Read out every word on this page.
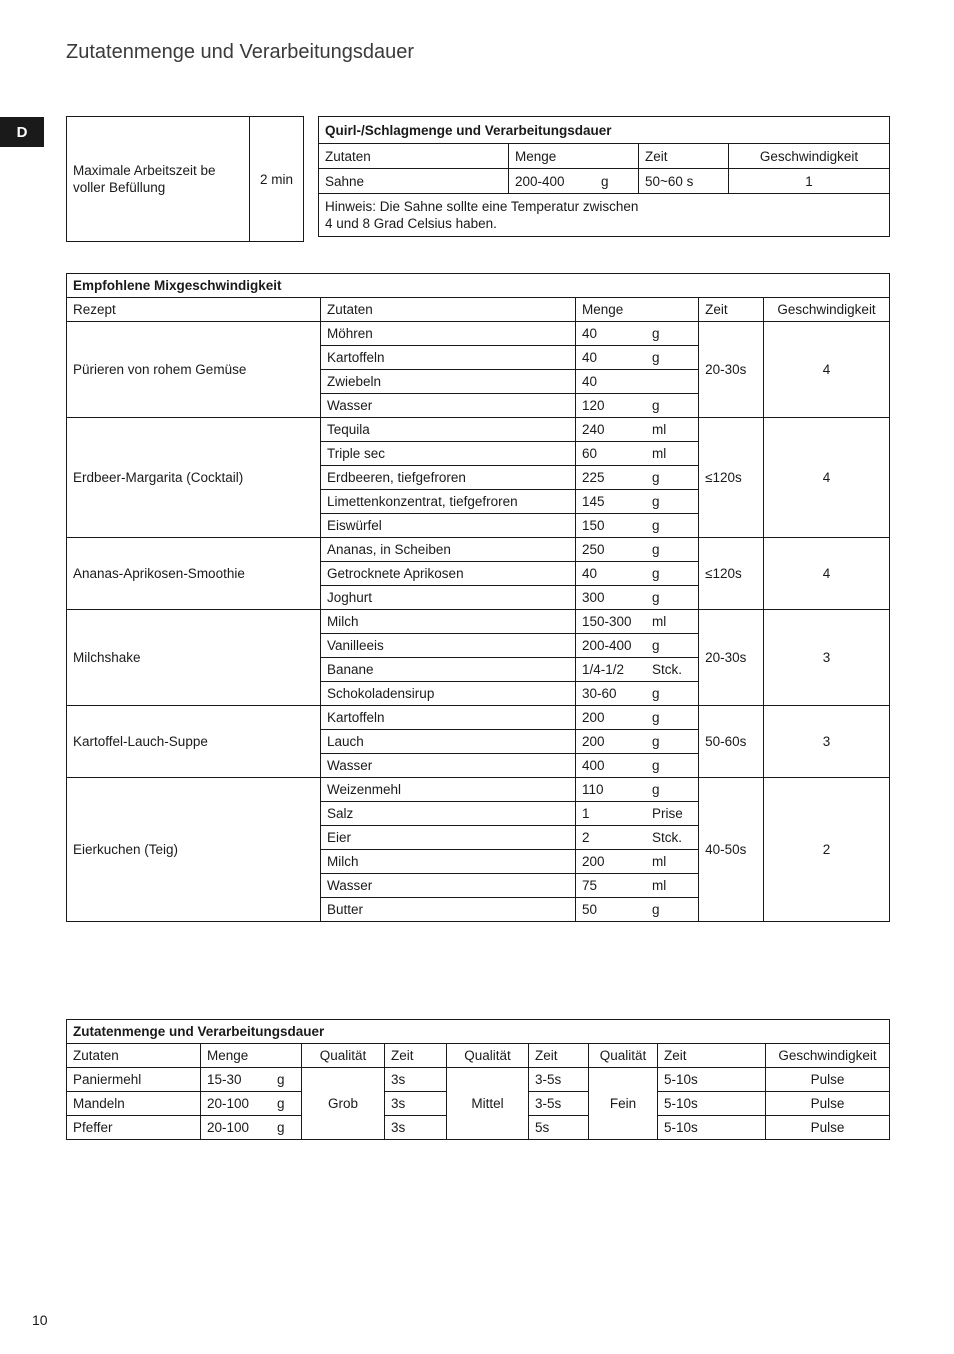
Zutatenmenge und Verarbeitungsdauer
D
Maximale Arbeitszeit be voller Befüllung	2 min
Quirl-/Schlagmenge und Verarbeitungsdauer			
Zutaten	Menge	Zeit	Geschwindigkeit
Sahne	200-400 g	50~60 s	1

Hinweis: Die Sahne sollte eine Temperatur zwischen
4 und 8 Grad Celsius haben.			
Empfohlene Mixgeschwindigkeit					
Rezept	Zutaten	Menge		Zeit	Geschwindigkeit
Pürieren von rohem Gemüse	Möhren	40	g	20-30s	4
	Kartoffeln	40	g		
	Zwiebeln	40			
	Wasser	120	g		
Erdbeer-Margarita (Cocktail)	Tequila	240	ml	≤120s	4
	Triple sec	60	ml		
	Erdbeeren, tiefgefroren	225	g		
	Limettenkonzentrat, tiefgefroren	145	g		
	Eiswürfel	150	g		
Ananas-Aprikosen-Smoothie	Ananas, in Scheiben	250	g	≤120s	4
	Getrocknete Aprikosen	40	g		
	Joghurt	300	g		
Milchshake	Milch	150-300	ml	20-30s	3
	Vanilleeis	200-400	g		
	Banane	1/4-1/2	Stck.		
	Schokoladensirup	30-60	g		
Kartoffel-Lauch-Suppe	Kartoffeln	200	g	50-60s	3
	Lauch	200	g		
	Wasser	400	g		
Eierkuchen (Teig)	Weizenmehl	110	g	40-50s	2
	Salz	1	Prise		
	Eier	2	Stck.		
	Milch	200	ml		
	Wasser	75	ml		
	Butter	50	g		
Zutatenmenge und Verarbeitungsdauer								
Zutaten	Menge	Qualität	Zeit	Qualität	Zeit	Qualität	Zeit	Geschwindigkeit
Paniermehl	15-30 g	Grob	3s	Mittel	3-5s	Fein	5-10s	Pulse
Mandeln	20-100 g		3s		3-5s		5-10s	Pulse
Pfeffer	20-100 g		3s		5s		5-10s	Pulse
10
